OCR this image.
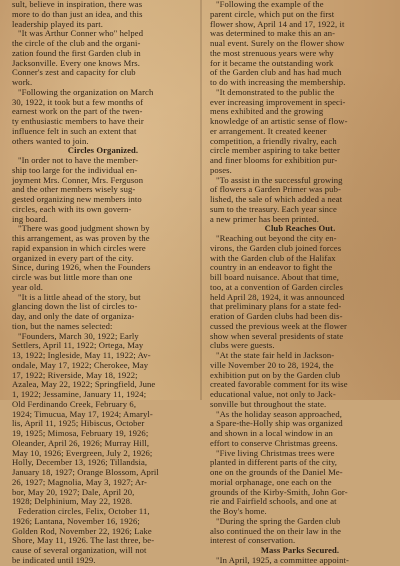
sult, believe in inspiration, there was
more to do than just an idea, and this
leadership played its part.
"It was Arthur Conner who" helped
the circle of the club and the organi-
zation found the first Garden club in
Jacksonville. Every one knows Mrs.
Conner's zest and capacity for club
work.
"Following the organization on March
30, 1922, it took but a few months of
earnest work on the part of the twen-
ty enthusiastic members to have their
influence felt in such an extent that
others wanted to join.
Circles Organized.
"In order not to have the member-
ship too large for the individual en-
joyment Mrs. Conner, Mrs. Ferguson
and the other members wisely sug-
gested organizing new members into
circles, each with its own govern-
ing board.
"There was good judgment shown by
this arrangement, as was proven by the
rapid expansion in which circles were
organized in every part of the city.
Since, during 1926, when the Founders
circle was but little more than one
year old.
"It is a little ahead of the story, but
glancing down the list of circles to-
day, and only the date of organiza-
tion, but the names selected:
"Founders, March 30, 1922; Early
Settlers, April 11, 1922; Ortega, May
13, 1922; Ingleside, May 11, 1922; Av-
ondale, May 17, 1922; Cherokee, May
17, 1922; Riverside, May 18, 1922;
Azalea, May 22, 1922; Springfield, June
1, 1922; Jessamine, January 11, 1924;
Old Ferdinando Creek, February 6,
1924; Timucua, May 17, 1924; Amaryl-
lis, April 11, 1925; Hibiscus, October
19, 1925; Mimosa, February 19, 1926;
Oleander, April 26, 1926; Murray Hill,
May 10, 1926; Evergreen, July 2, 1926;
Holly, December 13, 1926; Tillandsia,
January 18, 1927; Orange Blossom, April
26, 1927; Magnolia, May 3, 1927; Ar-
bor, May 20, 1927; Dale, April 20,
1928; Delphinium, May 22, 1928.
Federation circles, Felix, October 11,
1926; Lantana, November 16, 1926;
Golden Rod, November 22, 1926; Lake
Shore, May 11, 1926. The last three, be-
cause of several organization, will not
be indicated until 1929.
"Following the example of the
parent circle, which put on the first
flower show, April 14 and 17, 1922, it
was determined to make this an an-
nual event. Surely on the flower show
the most strenuous years were why
for it became the outstanding work
of the Garden club and has had much
to do with increasing the membership.
"It demonstrated to the public the
ever increasing improvement in speci-
mens exhibited and the growing
knowledge of an artistic sense of flow-
er arrangement. It created keener
competition, a friendly rivalry, each
circle member aspiring to take better
and finer blooms for exhibition pur-
poses.
"To assist in the successful growing
of flowers a Garden Primer was pub-
lished, the sale of which added a neat
sum to the treasury. Each year since
a new primer has been printed.
Club Reaches Out.
"Reaching out beyond the city en-
virons, the Garden club joined forces
with the Garden club of the Halifax
country in an endeavor to fight the
bill board nuisance. About that time,
too, at a convention of Garden circles
held April 28, 1924, it was announced
that preliminary plans for a state fed-
eration of Garden clubs had been dis-
cussed the previous week at the flower
show when several presidents of state
clubs were guests.
"At the state fair held in Jackson-
ville November 20 to 28, 1924, the
exhibition put on by the Garden club
created favorable comment for its wise
educational value, not only to Jack-
sonville but throughout the state.
"As the holiday season approached,
a Spare-the-Holly ship was organized
and shown in a local window in an
effort to conserve Christmas greens.
"Five living Christmas trees were
planted in different parts of the city,
one on the grounds of the Daniel Me-
morial orphanage, one each on the
grounds of the Kirby-Smith, John Gor-
rie and Fairfield schools, and one at
the Boy's home.
"During the spring the Garden club
also continued the on their law in the
interest of conservation.
Mass Parks Secured.
"In April, 1925, a committee appoint-
